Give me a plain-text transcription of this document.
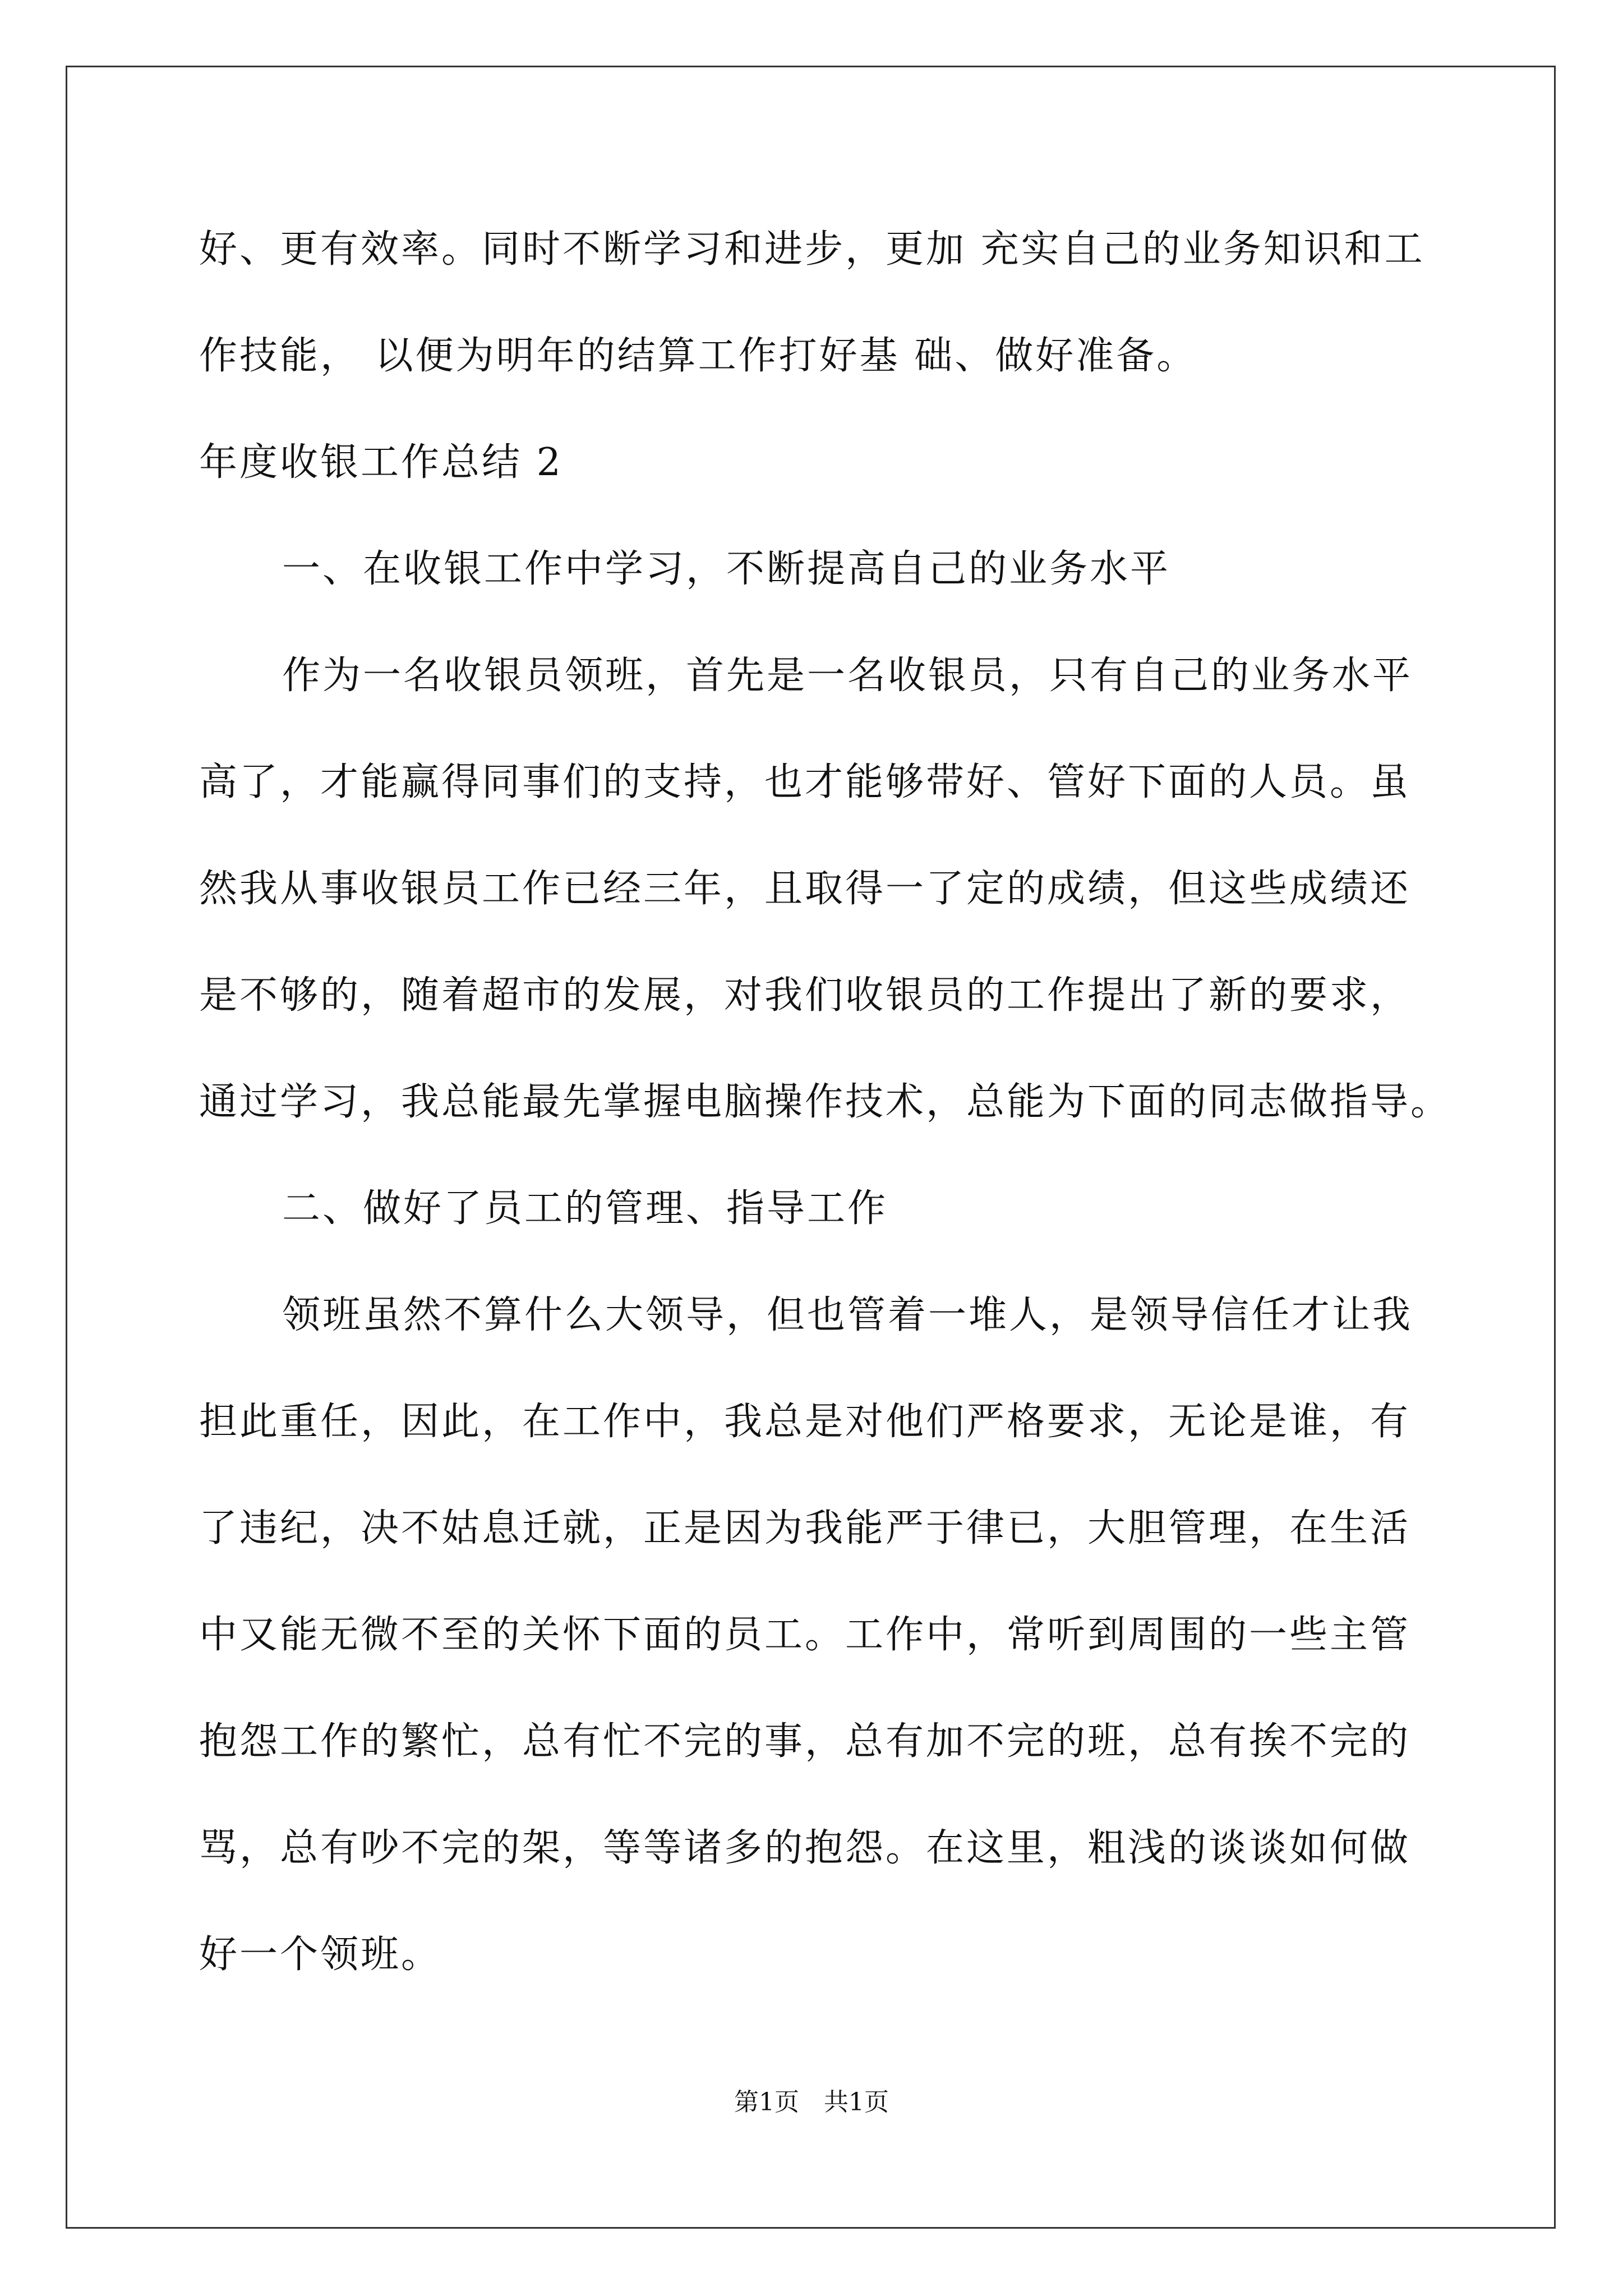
好、更有效率。同时不断学习和进步，更加 充实自己的业务知识和工
作技能， 以便为明年的结算工作打好基 础、做好准备。
年度收银工作总结 2
一、在收银工作中学习，不断提高自己的业务水平
作为一名收银员领班，首先是一名收银员，只有自己的业务水平
高了，才能赢得同事们的支持，也才能够带好、管好下面的人员。虽
然我从事收银员工作已经三年，且取得一了定的成绩，但这些成绩还
是不够的，随着超市的发展，对我们收银员的工作提出了新的要求，
通过学习，我总能最先掌握电脑操作技术，总能为下面的同志做指导。
二、做好了员工的管理、指导工作
领班虽然不算什么大领导，但也管着一堆人，是领导信任才让我
担此重任，因此，在工作中，我总是对他们严格要求，无论是谁，有
了违纪，决不姑息迁就，正是因为我能严于律已，大胆管理，在生活
中又能无微不至的关怀下面的员工。工作中，常听到周围的一些主管
抱怨工作的繁忙，总有忙不完的事，总有加不完的班，总有挨不完的
骂，总有吵不完的架，等等诸多的抱怨。在这里，粗浅的谈谈如何做
好一个领班。
第1页　共1页
